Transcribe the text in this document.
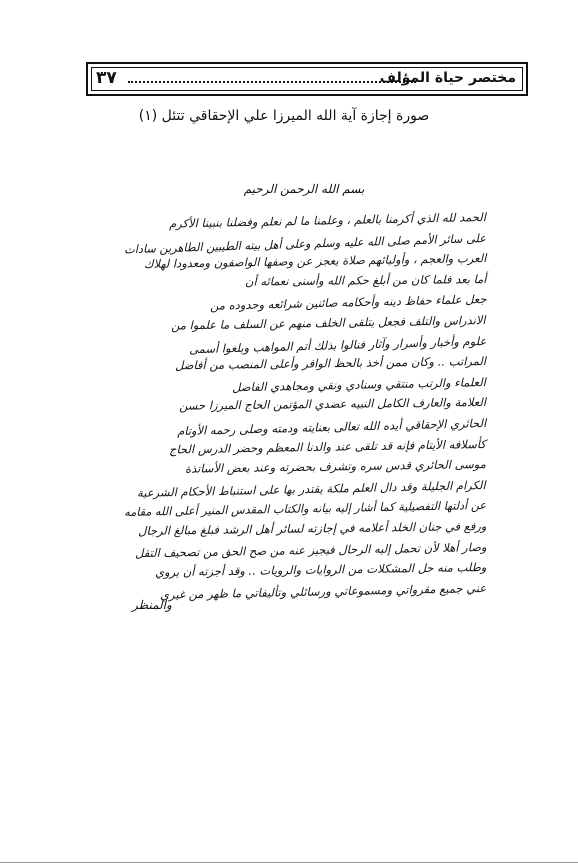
٣٧	مختصر حياة المؤلف
صورة إجازة آية الله الميرزا علي الإحقاقي تتئل (١)
بسم الله الرحمن الرحيم
الحمد لله الذي أكرمنا بالعلم ، وعلمنا ما لم نعلم وفضلنا بنبينا الأكرم
على سائر الأمم صلى الله عليه وسلم وعلى أهل بيته الطيبين الطاهرين سادات
العرب والعجم ، وأوليائهم صلاة يعجز عن وصفها الواصفون ومعدودا لهلاك
أما بعد فلما كان من أبلغ حكم الله وأسنى نعمائه أن
جعل علماء حفاظ دينه وأحكامه صائنين شرائعه وحدوده من
الاندراس والتلف فجعل يتلقى الخلف منهم عن السلف ما علموا من
علوم وأخبار وأسرار وآثار فنالوا بذلك أتم المواهب وبلغوا أسمى
المراتب .. وكان ممن أخذ بالحظ الوافر وأعلى المنصب من أفاضل
العلماء والرتب منتقي وسنادي ونقي ومجاهدي الفاضل
العلامة والعارف الكامل النبيه عضدي المؤتمن الحاج الميرزا حسن
الحائري الإحقاقي أيده الله تعالى بعنايته ودمته وصلى رحمه الأوتام
كأسلافه الأيتام فإنه قد تلقى عند والدنا المعظم وحضر الدرس الحاج
موسى الحائري قدس سره وتشرف بحضرته وعند بعض الأساتذة
الكرام الجليلة وقد دال العلم ملكة يقتدر بها على استنباط الأحكام الشرعية
عن أدلتها التفصيلية كما أشار إليه بيانه والكتاب المقدس المنير أعلى الله مقامه
ورفع في جنان الخلد أعلامه في إجازته لسائر أهل الرشد فبلغ مبالغ الرجال
وصار أهلا لأن تحمل إليه الرحال فيجيز عنه من صح الحق من تصحيف التقل
وطلب منه حل المشكلات من الروايات والرويات .. وقد أجزته أن يروي
عني جميع مقرواتي ومسموعاتي ورسائلي وتأليفاتي ما ظهر من غيري
والمنظر
